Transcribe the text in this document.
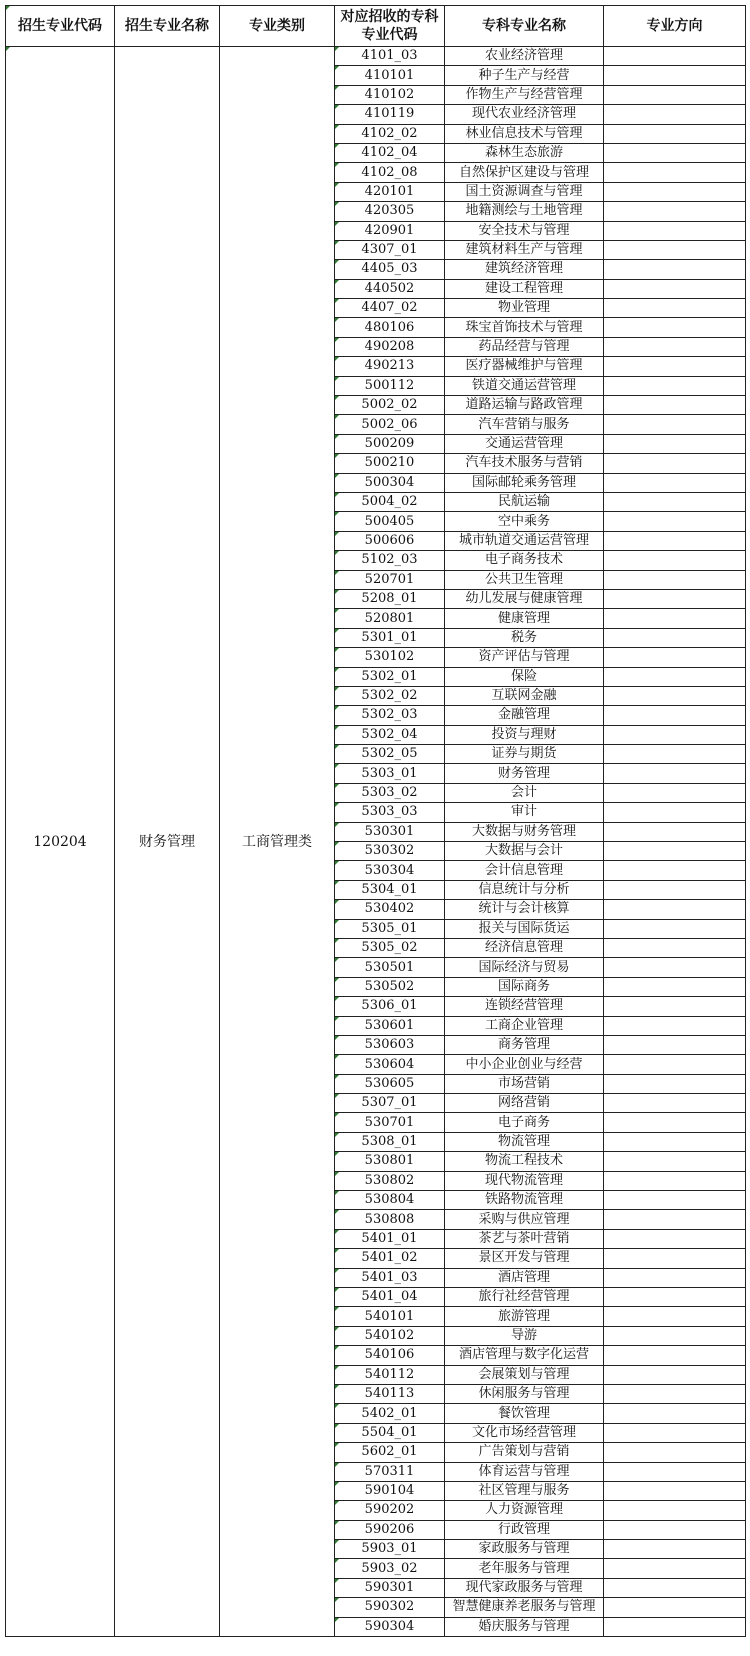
招生专业代码	招生专业名称	专业类别	对应招收的专科专业代码	专科专业名称	专业方向
120204	财务管理	工商管理类	4101_03	农业经济管理	
			410101	种子生产与经营	
			410102	作物生产与经营管理	
			410119	现代农业经济管理	
			4102_02	林业信息技术与管理	
			4102_04	森林生态旅游	
			4102_08	自然保护区建设与管理	
			420101	国土资源调查与管理	
			420305	地籍测绘与土地管理	
			420901	安全技术与管理	
			4307_01	建筑材料生产与管理	
			4405_03	建筑经济管理	
			440502	建设工程管理	
			4407_02	物业管理	
			480106	珠宝首饰技术与管理	
			490208	药品经营与管理	
			490213	医疗器械维护与管理	
			500112	铁道交通运营管理	
			5002_02	道路运输与路政管理	
			5002_06	汽车营销与服务	
			500209	交通运营管理	
			500210	汽车技术服务与营销	
			500304	国际邮轮乘务管理	
			5004_02	民航运输	
			500405	空中乘务	
			500606	城市轨道交通运营管理	
			5102_03	电子商务技术	
			520701	公共卫生管理	
			5208_01	幼儿发展与健康管理	
			520801	健康管理	
			5301_01	税务	
			530102	资产评估与管理	
			5302_01	保险	
			5302_02	互联网金融	
			5302_03	金融管理	
			5302_04	投资与理财	
			5302_05	证券与期货	
			5303_01	财务管理	
			5303_02	会计	
			5303_03	审计	
			530301	大数据与财务管理	
			530302	大数据与会计	
			530304	会计信息管理	
			5304_01	信息统计与分析	
			530402	统计与会计核算	
			5305_01	报关与国际货运	
			5305_02	经济信息管理	
			530501	国际经济与贸易	
			530502	国际商务	
			5306_01	连锁经营管理	
			530601	工商企业管理	
			530603	商务管理	
			530604	中小企业创业与经营	
			530605	市场营销	
			5307_01	网络营销	
			530701	电子商务	
			5308_01	物流管理	
			530801	物流工程技术	
			530802	现代物流管理	
			530804	铁路物流管理	
			530808	采购与供应管理	
			5401_01	茶艺与茶叶营销	
			5401_02	景区开发与管理	
			5401_03	酒店管理	
			5401_04	旅行社经营管理	
			540101	旅游管理	
			540102	导游	
			540106	酒店管理与数字化运营	
			540112	会展策划与管理	
			540113	休闲服务与管理	
			5402_01	餐饮管理	
			5504_01	文化市场经营管理	
			5602_01	广告策划与营销	
			570311	体育运营与管理	
			590104	社区管理与服务	
			590202	人力资源管理	
			590206	行政管理	
			5903_01	家政服务与管理	
			5903_02	老年服务与管理	
			590301	现代家政服务与管理	
			590302	智慧健康养老服务与管理	
			590304	婚庆服务与管理	
